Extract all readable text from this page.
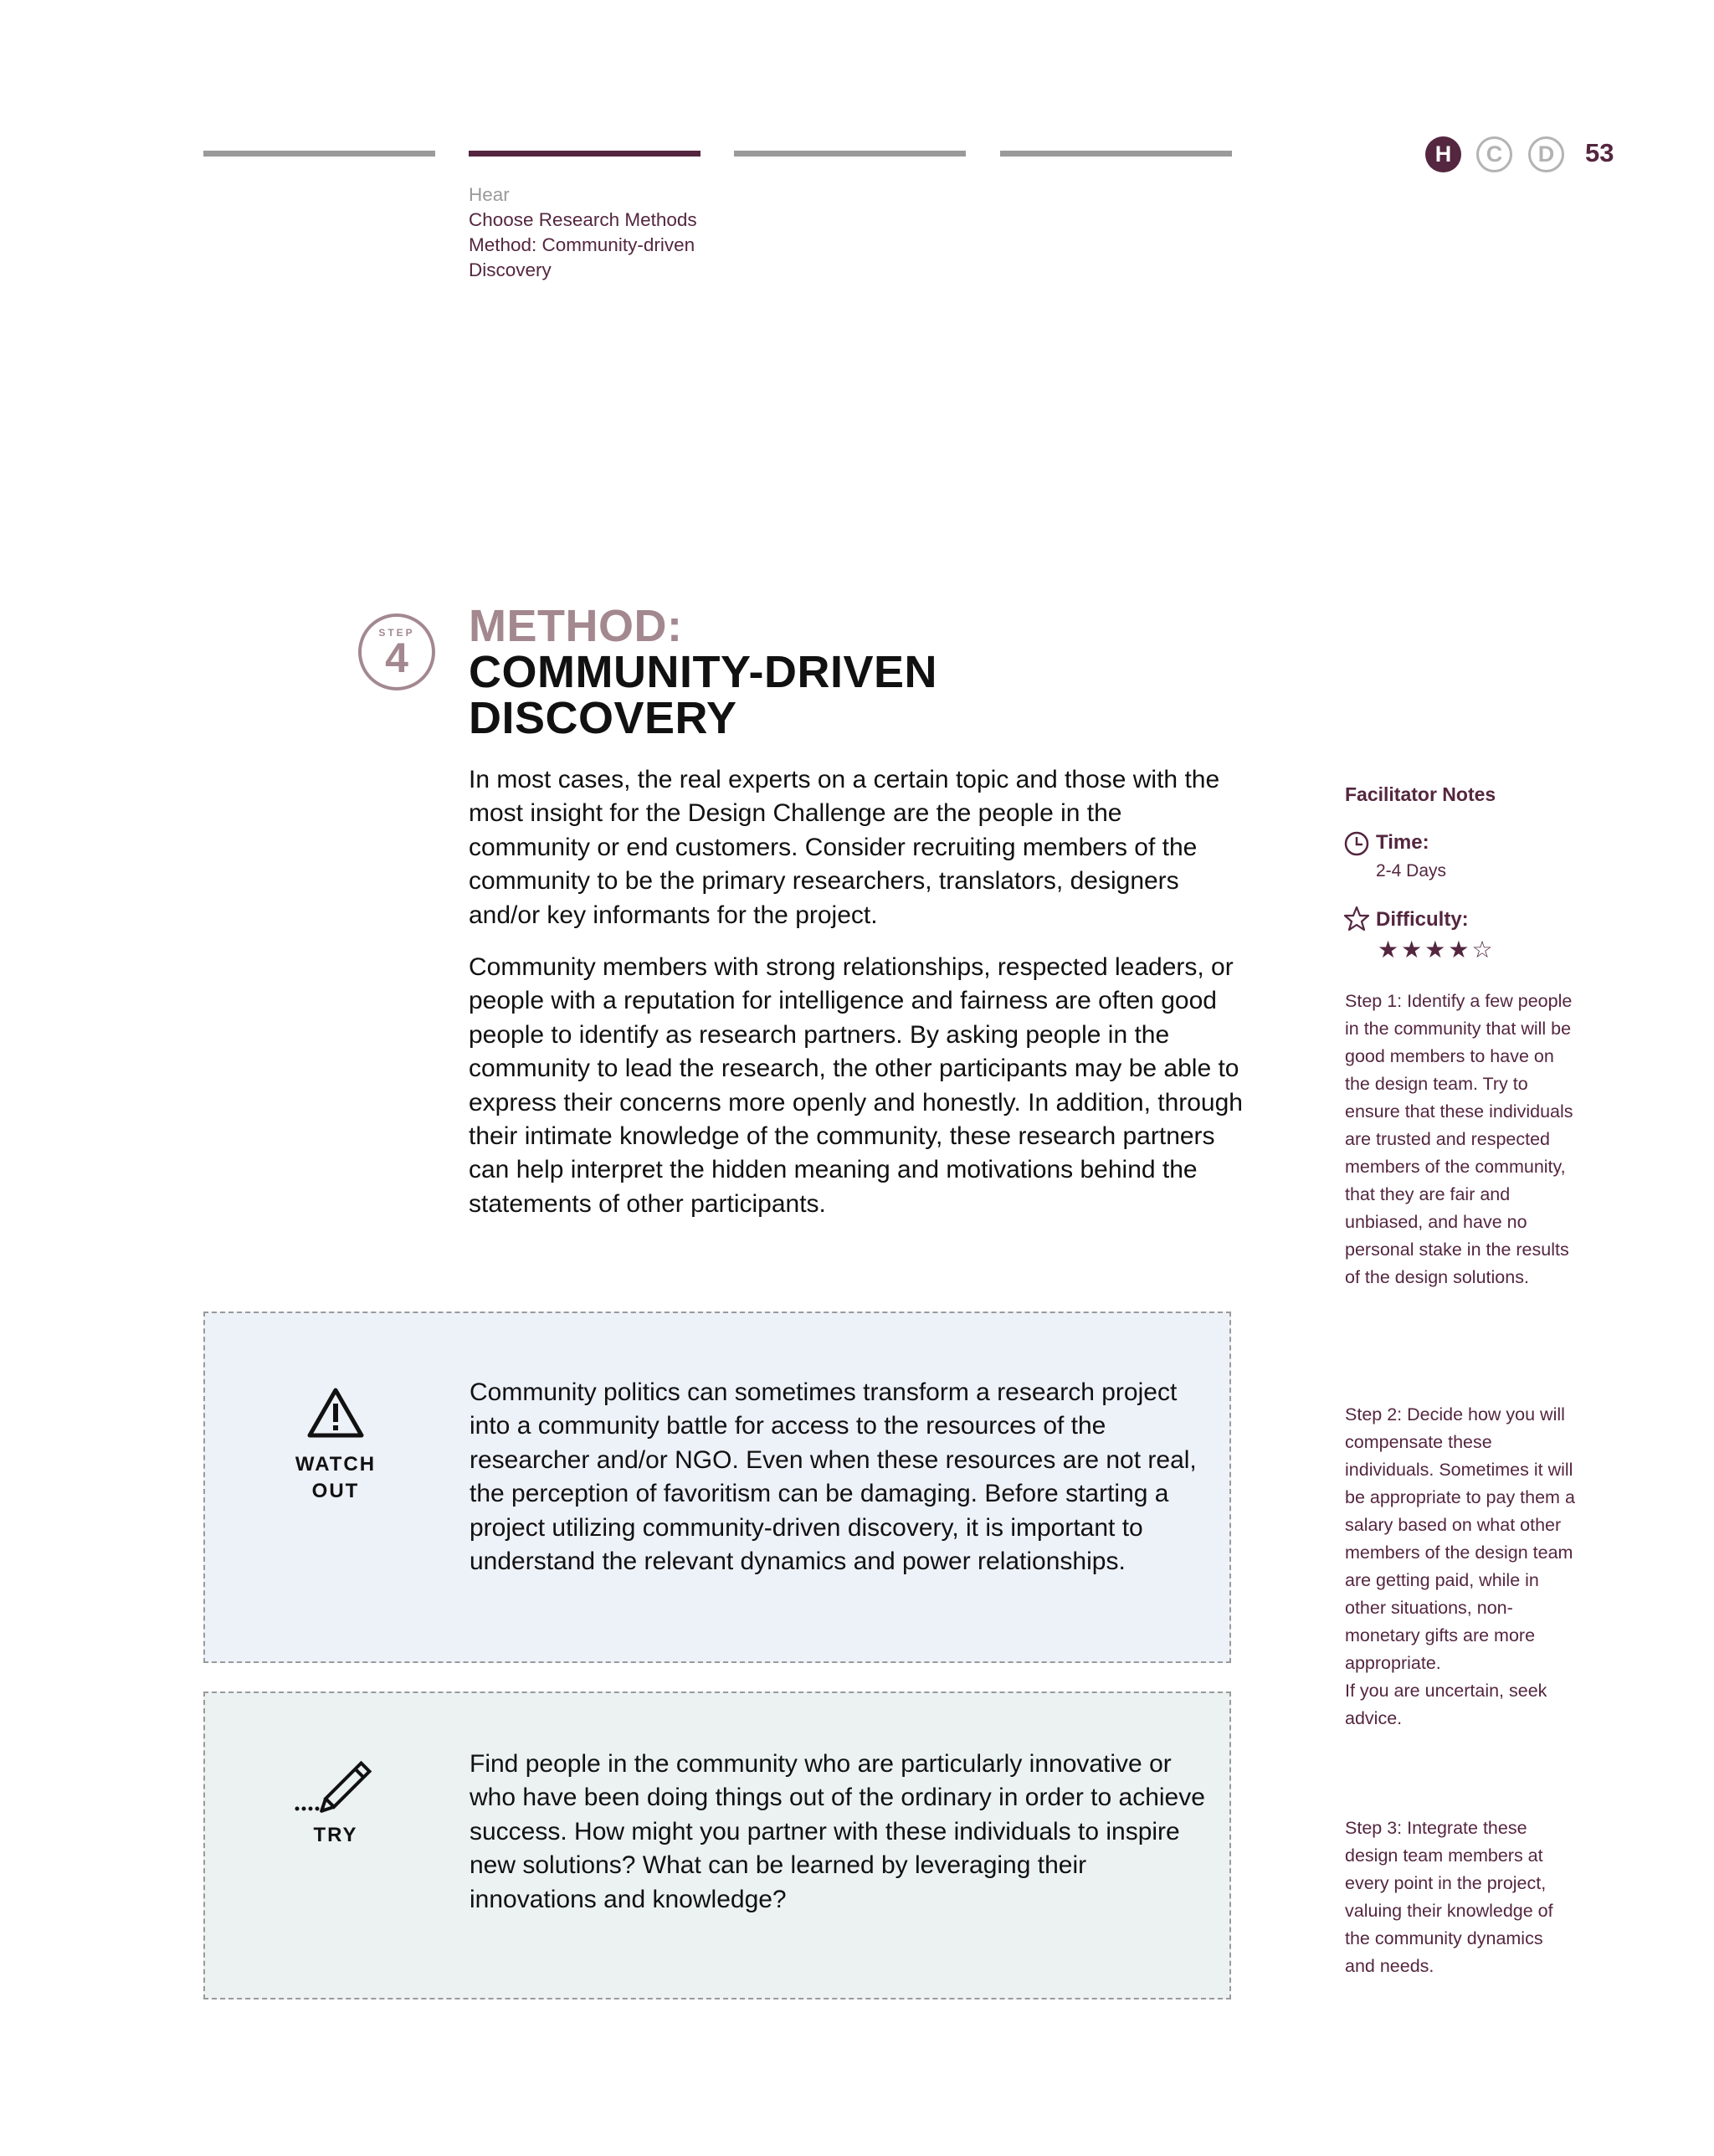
H	C	D	53
Hear
Choose Research Methods
Method: Community-driven
Discovery
STEP
4
METHOD:
COMMUNITY-DRIVEN
DISCOVERY
In most cases, the real experts on a certain topic and those with the most insight for the Design Challenge are the people in the community or end customers. Consider recruiting members of the community to be the primary researchers, translators, designers and/or key informants for the project.
Community members with strong relationships, respected leaders, or people with a reputation for intelligence and fairness are often good people to identify as research partners. By asking people in the community to lead the research, the other participants may be able to express their concerns more openly and honestly. In addition, through their intimate knowledge of the community, these research partners can help interpret the hidden meaning and motivations behind the statements of other participants.
WATCH
OUT
Community politics can sometimes transform a research project into a community battle for access to the resources of the researcher and/or NGO. Even when these resources are not real, the perception of favoritism can be damaging. Before starting a project utilizing community-driven discovery, it is important to understand the relevant dynamics and power relationships.
TRY
Find people in the community who are particularly innovative or who have been doing things out of the ordinary in order to achieve success. How might you partner with these individuals to inspire new solutions? What can be learned by leveraging their innovations and knowledge?
Facilitator Notes
Time:
2-4 Days
Difficulty:
★ ★ ★ ★ ☆
Step 1: Identify a few people in the community that will be good members to have on the design team. Try to ensure that these individuals are trusted and respected members of the community, that they are fair and unbiased, and have no personal stake in the results of the design solutions.
Step 2: Decide how you will compensate these individuals. Sometimes it will be appropriate to pay them a salary based on what other members of the design team are getting paid, while in other situations, non-monetary gifts are more appropriate.
If you are uncertain, seek advice.
Step 3: Integrate these design team members at every point in the project, valuing their knowledge of the community dynamics and needs.
